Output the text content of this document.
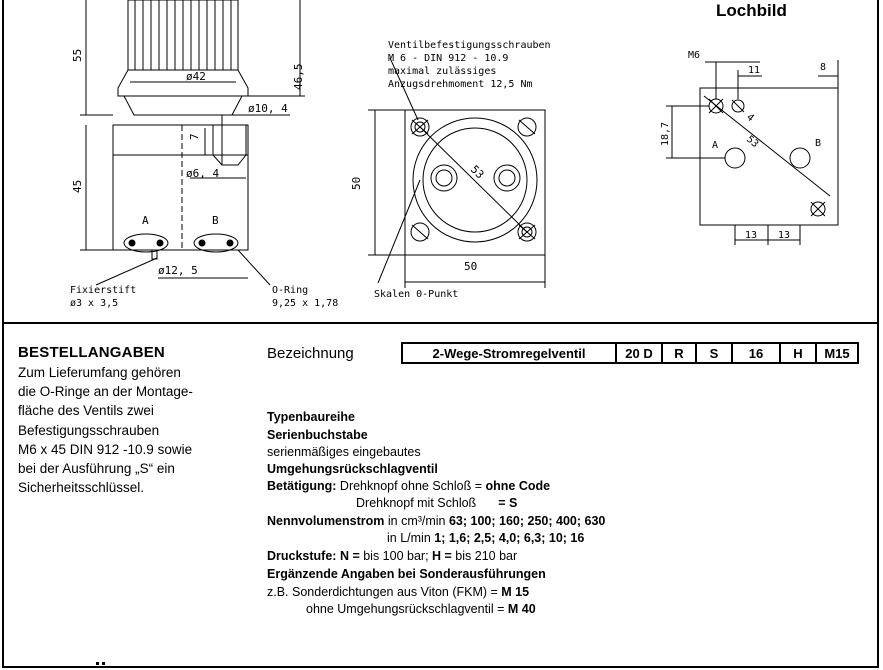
55
46,5
ø42
ø10, 4
7
ø6, 4
45
A	B
ø12, 5
Fixierstift
ø3 x 3,5
O-Ring
9,25 x 1,78
Ventilbefestigungsschrauben
M 6 - DIN 912 - 10.9
maximal zulässiges
Anzugsdrehmoment 12,5 Nm
53
50
50
Skalen 0-Punkt
Lochbild
M6
11	8
18,7
4
53
A	B
13 13
BESTELLANGABEN
Zum Lieferumfang gehören
die O-Ringe an der Montage-
fläche des Ventils zwei
Befestigungsschrauben
M6 x 45 DIN 912 -10.9 sowie
bei der Ausführung „S“ ein
Sicherheitsschlüssel.
Bezeichnung	2-Wege-Stromregelventil	20 D	R	S	16	H	M15
Typenbaureihe
Serienbuchstabe
serienmäßiges eingebautes
Umgehungsrückschlagventil
Betätigung: Drehknopf ohne Schloß = ohne Code
Drehknopf mit Schloß = S
Nennvolumenstrom in cm³/min 63; 100; 160; 250; 400; 630
in L/min 1; 1,6; 2,5; 4,0; 6,3; 10; 16
Druckstufe: N = bis 100 bar; H = bis 210 bar
Ergänzende Angaben bei Sonderausführungen
z.B. Sonderdichtungen aus Viton (FKM) = M 15
ohne Umgehungsrückschlagventil = M 40
